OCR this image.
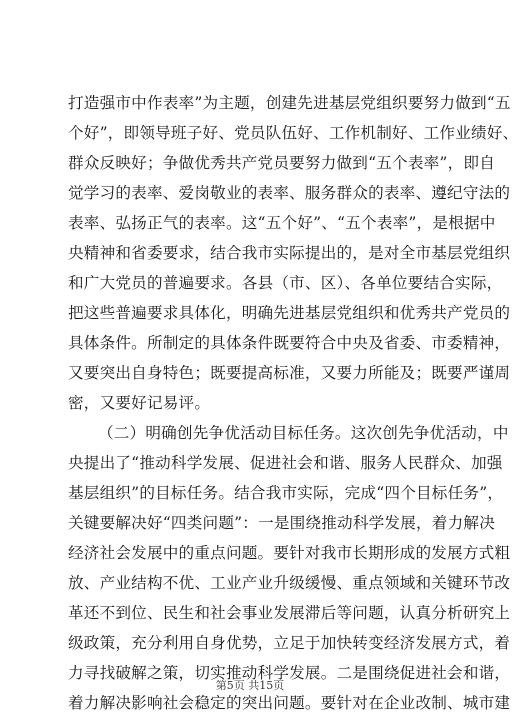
打造强市中作表率”为主题，创建先进基层党组织要努力做到“五
个好”，即领导班子好、党员队伍好、工作机制好、工作业绩好、
群众反映好；争做优秀共产党员要努力做到“五个表率”，即自
觉学习的表率、爱岗敬业的表率、服务群众的表率、遵纪守法的
表率、弘扬正气的表率。这“五个好”、“五个表率”，是根据中
央精神和省委要求，结合我市实际提出的，是对全市基层党组织
和广大党员的普遍要求。各县（市、区）、各单位要结合实际，
把这些普遍要求具体化，明确先进基层党组织和优秀共产党员的
具体条件。所制定的具体条件既要符合中央及省委、市委精神，
又要突出自身特色；既要提高标准，又要力所能及；既要严谨周
密，又要好记易评。
（二）明确创先争优活动目标任务。这次创先争优活动，中
央提出了“推动科学发展、促进社会和谐、服务人民群众、加强
基层组织”的目标任务。结合我市实际，完成“四个目标任务”，
关键要解决好“四类问题”：一是围绕推动科学发展，着力解决
经济社会发展中的重点问题。要针对我市长期形成的发展方式粗
放、产业结构不优、工业产业升级缓慢、重点领域和关键环节改
革还不到位、民生和社会事业发展滞后等问题，认真分析研究上
级政策，充分利用自身优势，立足于加快转变经济发展方式，着
力寻找破解之策，切实推动科学发展。二是围绕促进社会和谐，
着力解决影响社会稳定的突出问题。要针对在企业改制、城市建
第5页 共15页
